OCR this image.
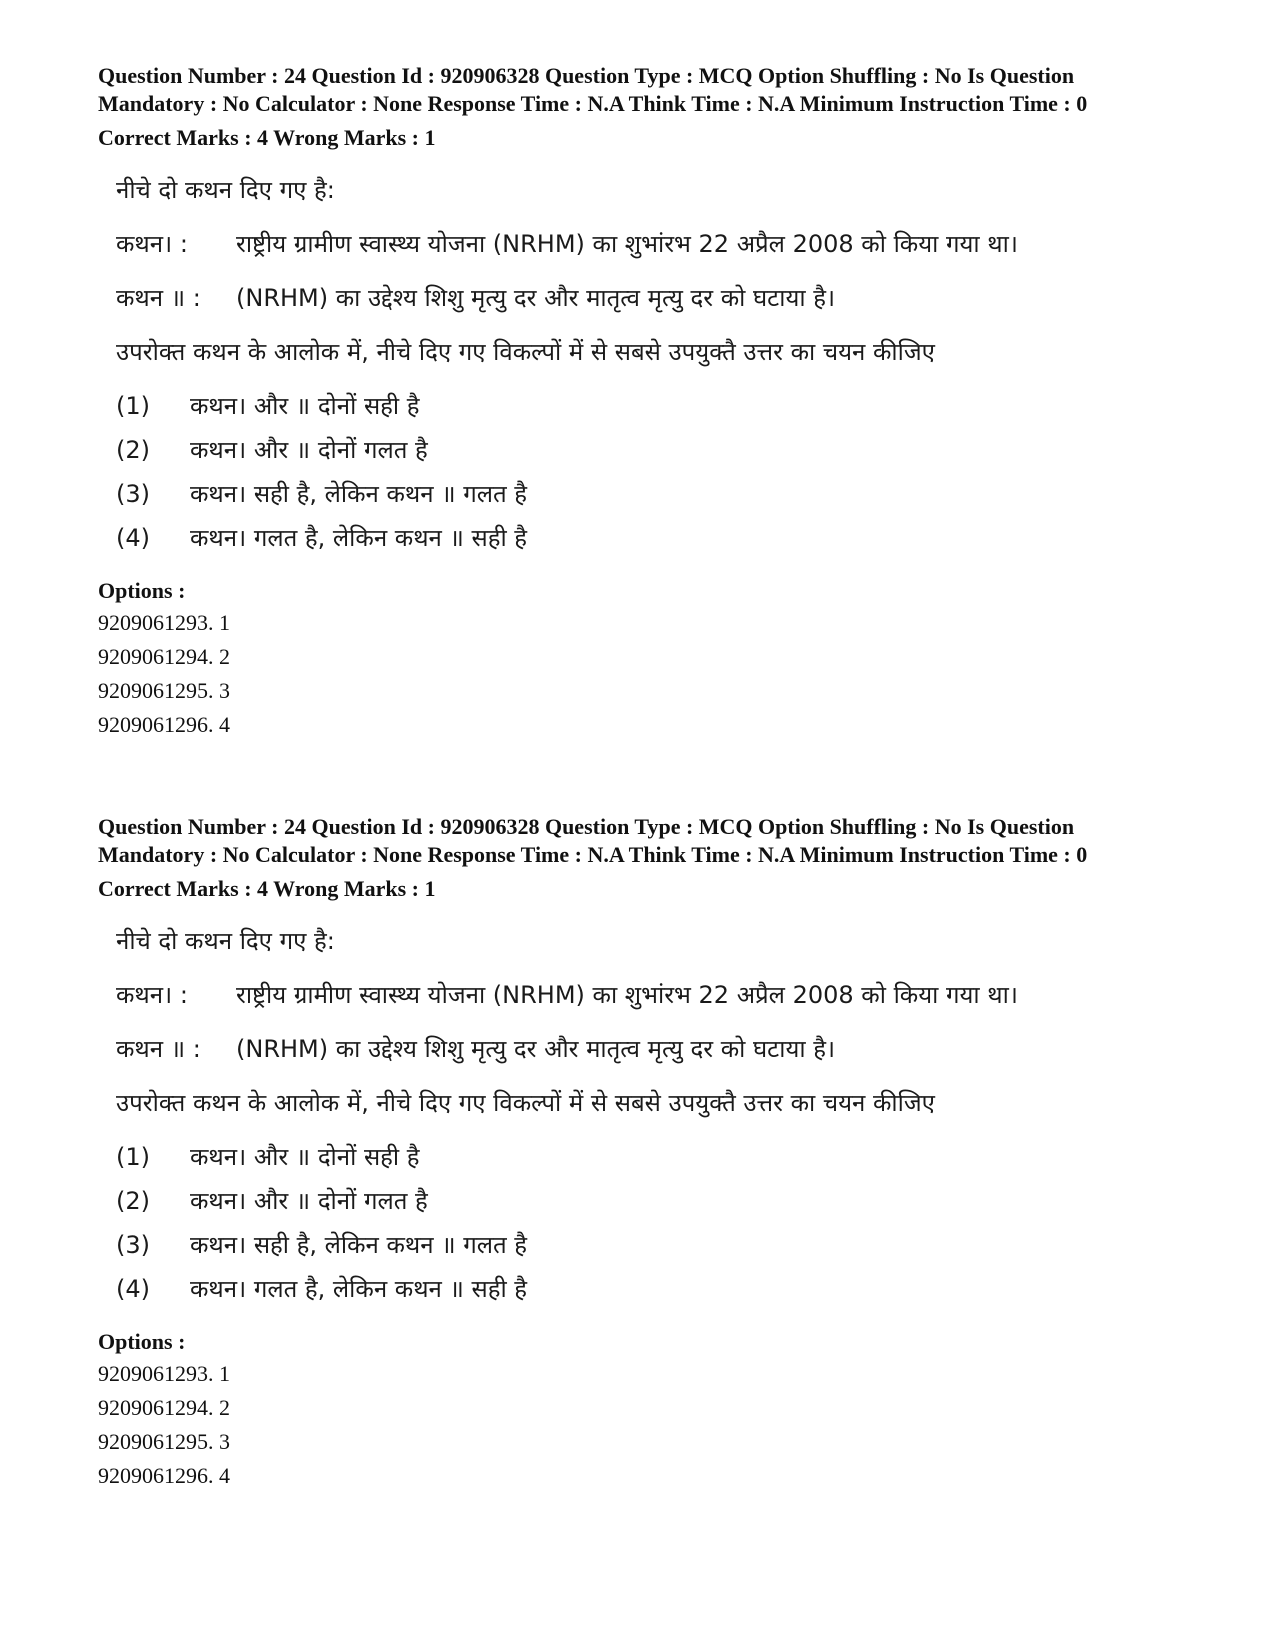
Question Number : 24 Question Id : 920906328 Question Type : MCQ Option Shuffling : No Is Question Mandatory : No Calculator : None Response Time : N.A Think Time : N.A Minimum Instruction Time : 0

Correct Marks : 4 Wrong Marks : 1
नीचे दो कथन दिए गए है:
कथन। :	राष्ट्रीय ग्रामीण स्वास्थ्य योजना (NRHM) का शुभांरभ 22 अप्रैल 2008 को किया गया था।
कथन ॥ :	(NRHM) का उद्देश्य शिशु मृत्यु दर और मातृत्व मृत्यु दर को घटाया है।
उपरोक्त कथन के आलोक में, नीचे दिए गए विकल्पों में से सबसे उपयुक्तै उत्तर का चयन कीजिए
(1)	कथन। और ॥ दोनों सही है
(2)	कथन। और ॥ दोनों गलत है
(3)	कथन। सही है, लेकिन कथन ॥ गलत है
(4)	कथन। गलत है, लेकिन कथन ॥ सही है
Options :
9209061293. 1
9209061294. 2
9209061295. 3
9209061296. 4

Question Number : 24 Question Id : 920906328 Question Type : MCQ Option Shuffling : No Is Question Mandatory : No Calculator : None Response Time : N.A Think Time : N.A Minimum Instruction Time : 0

Correct Marks : 4 Wrong Marks : 1
नीचे दो कथन दिए गए है:
कथन। :	राष्ट्रीय ग्रामीण स्वास्थ्य योजना (NRHM) का शुभांरभ 22 अप्रैल 2008 को किया गया था।
कथन ॥ :	(NRHM) का उद्देश्य शिशु मृत्यु दर और मातृत्व मृत्यु दर को घटाया है।
उपरोक्त कथन के आलोक में, नीचे दिए गए विकल्पों में से सबसे उपयुक्तै उत्तर का चयन कीजिए
(1)	कथन। और ॥ दोनों सही है
(2)	कथन। और ॥ दोनों गलत है
(3)	कथन। सही है, लेकिन कथन ॥ गलत है
(4)	कथन। गलत है, लेकिन कथन ॥ सही है
Options :
9209061293. 1
9209061294. 2
9209061295. 3
9209061296. 4
